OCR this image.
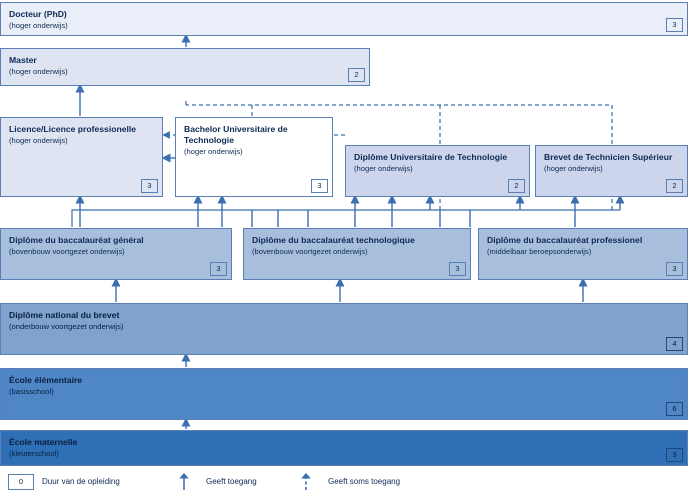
Docteur (PhD)
(hoger onderwijs)	3
Master
(hoger onderwijs)	2
Licence/Licence professionelle
(hoger onderwijs)
3
Bachelor Universitaire de Technologie
(hoger onderwijs)
3
Diplôme Universitaire de Technologie
(hoger onderwijs)
2
Brevet de Technicien Supérieur
(hoger onderwijs)
2
Diplôme du baccalauréat général
(bovenbouw voortgezet onderwijs)
3
Diplôme du baccalauréat technologique
(bovenbouw voortgezet onderwijs)
3
Diplôme du baccalauréat professionel
(middelbaar beroepsonderwijs)
3
Diplôme national du brevet
(onderbouw voortgezet onderwijs)
4
École élémentaire
(basisschool)
6
École maternelle
(kleuterschool)	3
0	Duur van de opleiding	Geeft toegang	Geeft soms toegang
